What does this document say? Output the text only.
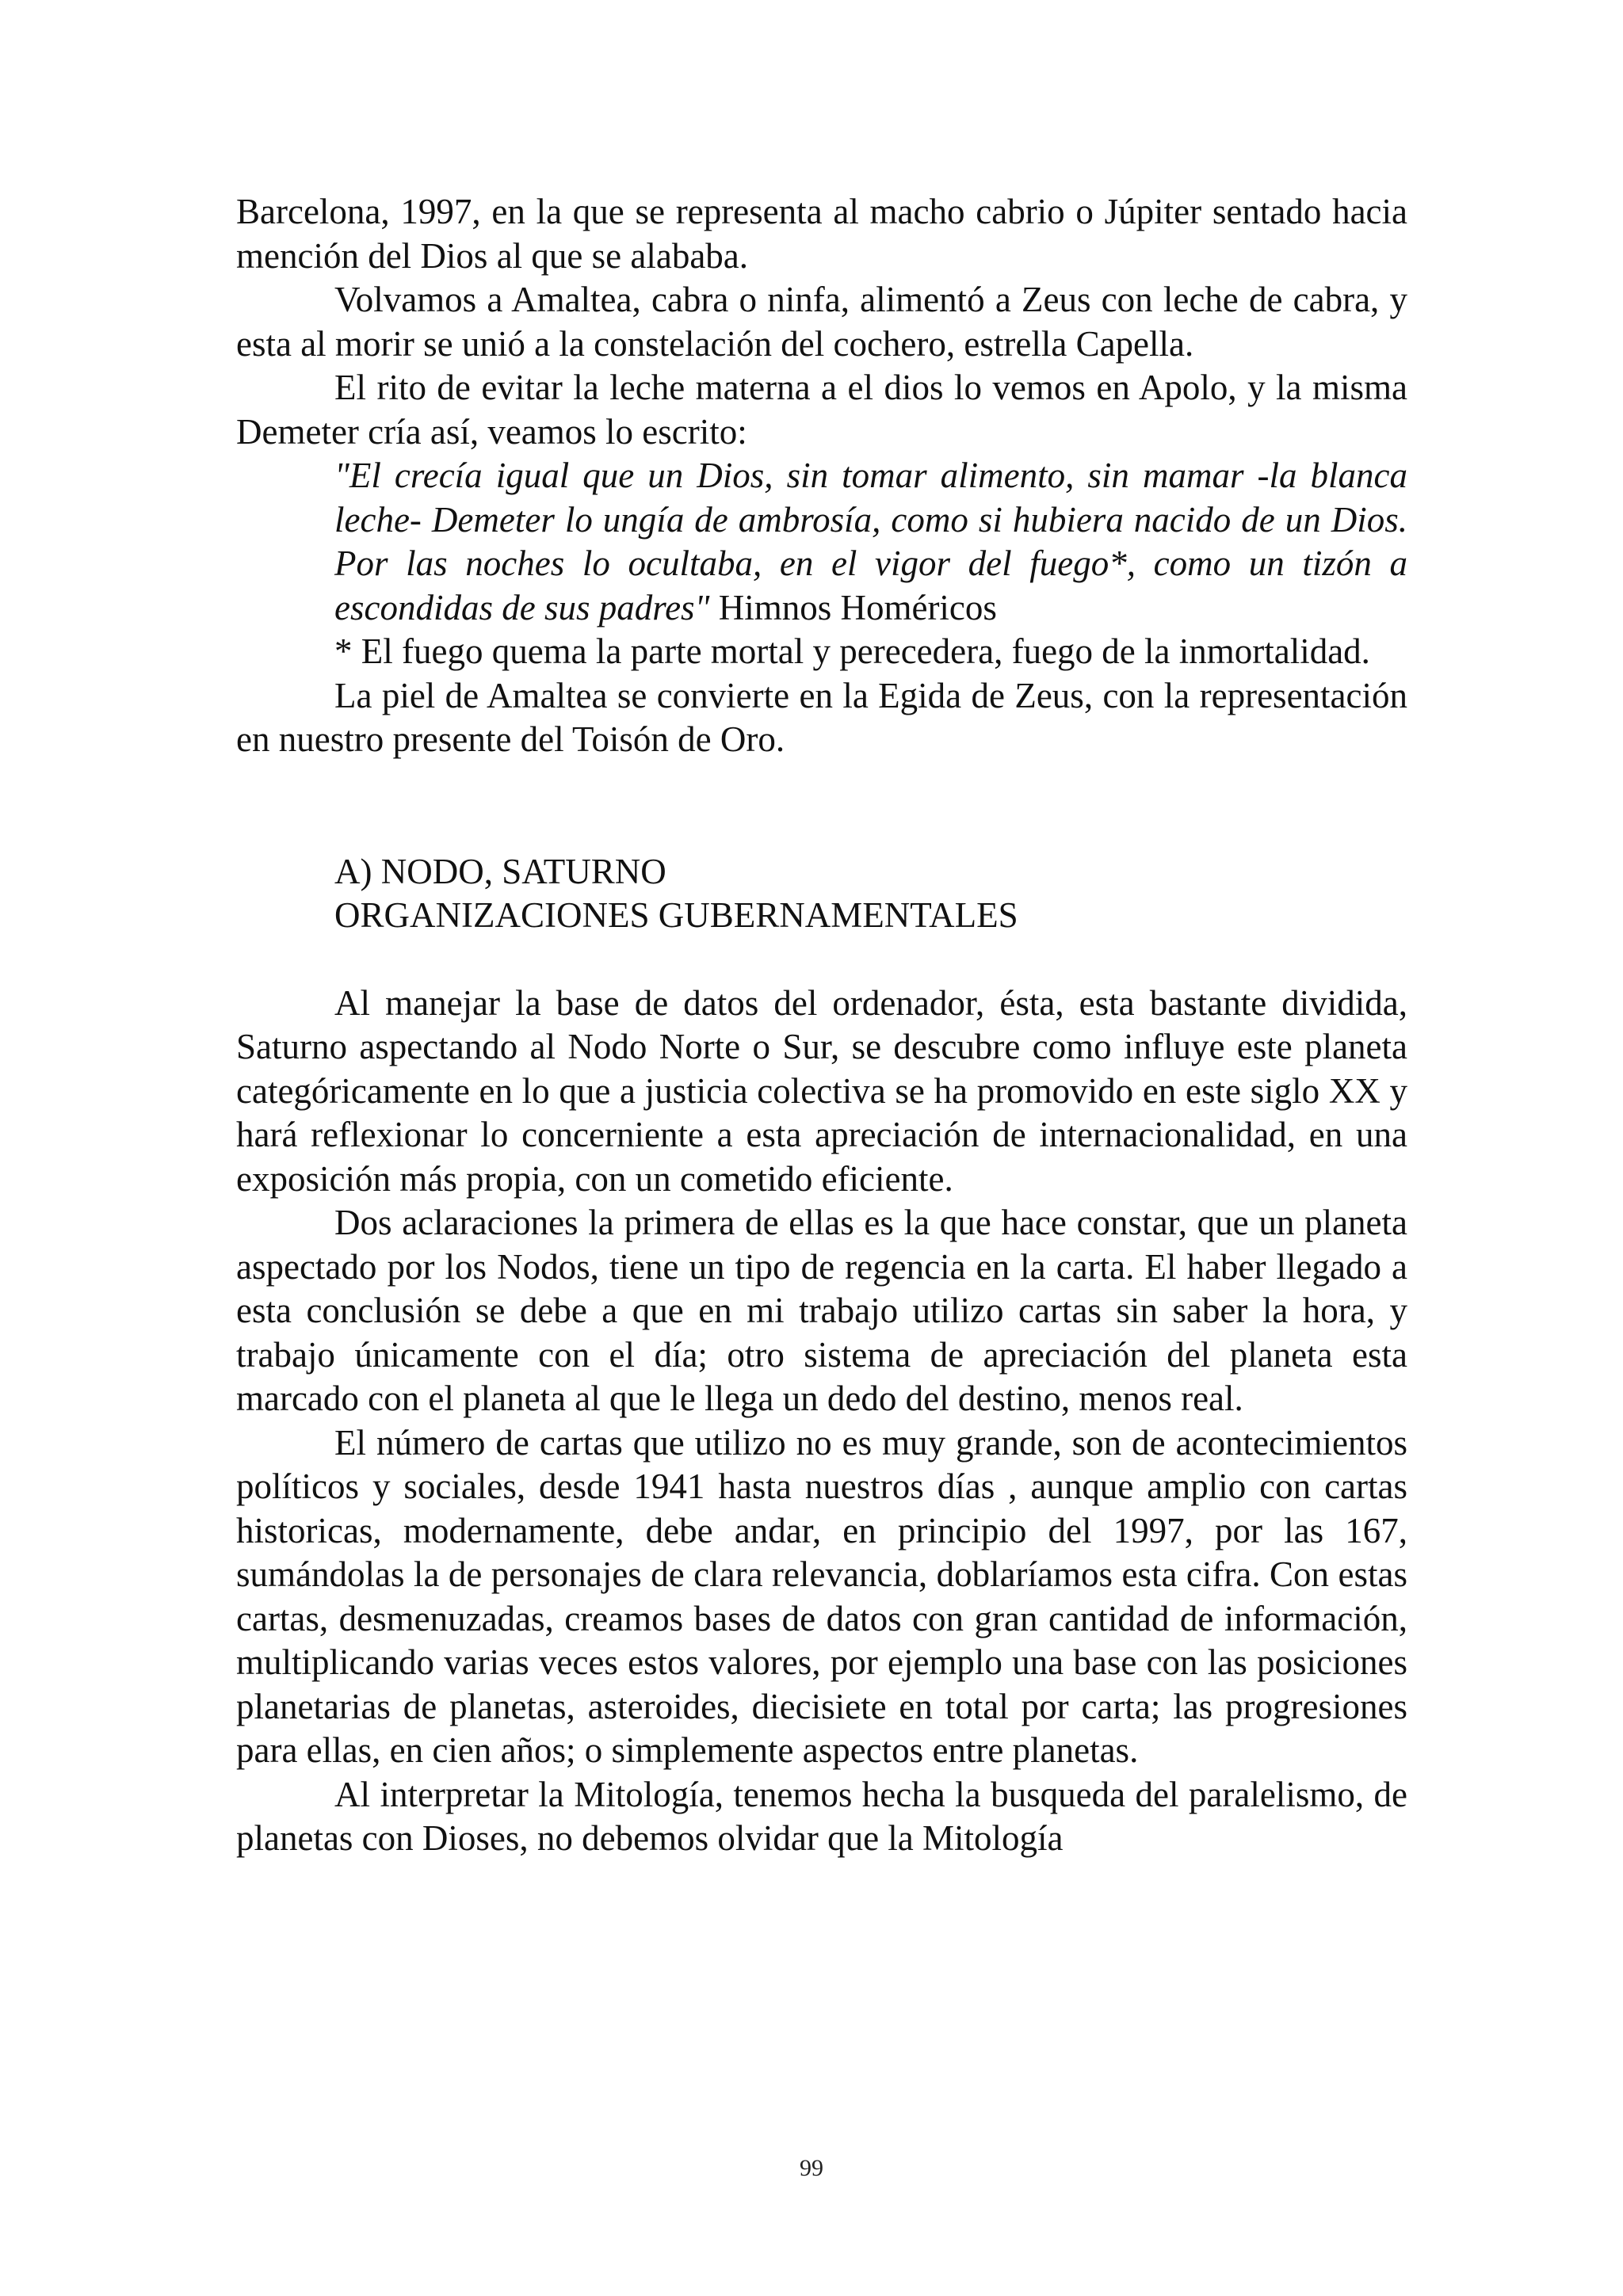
Barcelona, 1997, en la que se representa al macho cabrio o Júpiter sentado hacia mención del Dios al que se alababa.

Volvamos a Amaltea, cabra o ninfa, alimentó a Zeus con leche de cabra, y esta al morir se unió a la constelación del cochero, estrella Capella.

El rito de evitar la leche materna a el dios lo vemos en Apolo, y la misma Demeter cría así, veamos lo escrito:

"El crecía igual que un Dios, sin tomar alimento, sin mamar -la blanca leche- Demeter lo ungía de ambrosía, como si hubiera nacido de un Dios. Por las noches lo ocultaba, en el vigor del fuego*, como un tizón a escondidas de sus padres" Himnos Homéricos

* El fuego quema la parte mortal y perecedera, fuego de la inmortalidad.

La piel de Amaltea se convierte en la Egida de Zeus, con la representación en nuestro presente del Toisón de Oro.

A) NODO, SATURNO

ORGANIZACIONES GUBERNAMENTALES

Al manejar la base de datos del ordenador, ésta, esta bastante dividida, Saturno aspectando al Nodo Norte o Sur, se descubre como influye este planeta categóricamente en lo que a justicia colectiva se ha promovido en este siglo XX y hará reflexionar lo concerniente a esta apreciación de internacionalidad, en una exposición más propia, con un cometido eficiente.

Dos aclaraciones la primera de ellas es la que hace constar, que un planeta aspectado por los Nodos, tiene un tipo de regencia en la carta. El haber llegado a esta conclusión se debe a que en mi trabajo utilizo cartas sin saber la hora, y trabajo únicamente con el día; otro sistema de apreciación del planeta esta marcado con el planeta al que le llega un dedo del destino, menos real.

El número de cartas que utilizo no es muy grande, son de acontecimientos políticos y sociales, desde 1941 hasta nuestros días , aunque amplio con cartas historicas, modernamente, debe andar, en principio del 1997, por las 167, sumándolas la de personajes de clara relevancia, doblaríamos esta cifra. Con estas cartas, desmenuzadas, creamos bases de datos con gran cantidad de información, multiplicando varias veces estos valores, por ejemplo una base con las posiciones planetarias de planetas, asteroides, diecisiete en total por carta; las progresiones para ellas, en cien años; o simplemente aspectos entre planetas.

Al interpretar la Mitología, tenemos hecha la busqueda del paralelismo, de planetas con Dioses, no debemos olvidar que la Mitología

99
